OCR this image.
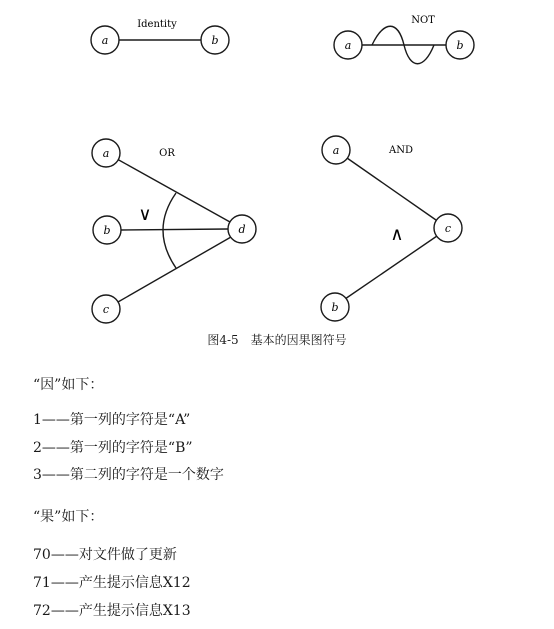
Identity
a	b
NOT
a	b
OR
∨
a
b
c
d
AND
∧
a
b
c
图4-5　基本的因果图符号
“因”如下：
1——第一列的字符是“A”
2——第一列的字符是“B”
3——第二列的字符是一个数字
“果”如下：
70——对文件做了更新
71——产生提示信息X12
72——产生提示信息X13
